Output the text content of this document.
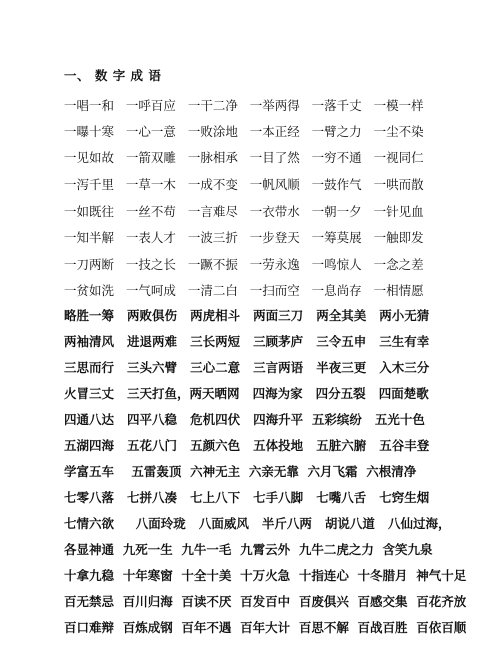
一、 数 字 成 语
一唱一和   一呼百应   一干二净   一举两得   一落千丈   一模一样
一曝十寒   一心一意   一败涂地   一本正经   一臂之力   一尘不染
一见如故   一箭双雕   一脉相承   一目了然   一穷不通   一视同仁
一泻千里   一草一木   一成不变   一帆风顺   一鼓作气   一哄而散
一如既往   一丝不苟   一言难尽   一衣带水   一朝一夕   一针见血
一知半解   一表人才   一波三折   一步登天   一筹莫展   一触即发
一刀两断   一技之长   一蹶不振   一劳永逸   一鸣惊人   一念之差
一贫如洗   一气呵成   一清二白   一扫而空   一息尚存   一相情愿
略胜一筹   两败俱伤   两虎相斗   两面三刀   两全其美   两小无猜
两袖清风   进退两难   三长两短   三顾茅庐   三令五申   三生有幸
三思而行   三头六臂   三心二意   三言两语   半夜三更   入木三分
火冒三丈   三天打鱼，两天晒网   四海为家   四分五裂   四面楚歌
四通八达   四平八稳   危机四伏   四海升平  五彩缤纷   五光十色
五湖四海   五花八门   五颜六色   五体投地   五脏六腑   五谷丰登
学富五车    五雷轰顶  六神无主  六亲无靠  六月飞霜  六根清净
七零八落   七拼八凑   七上八下   七手八脚   七嘴八舌   七窍生烟
七情六欲     八面玲珑   八面威风   半斤八两   胡说八道   八仙过海，
各显神通  九死一生  九牛一毛  九霄云外  九牛二虎之力  含笑九泉
十拿九稳  十年寒窗  十全十美  十万火急  十指连心  十冬腊月  神气十足
百无禁忌  百川归海  百读不厌  百发百中  百废俱兴  百感交集  百花齐放
百口难辩  百炼成钢  百年不遇  百年大计  百思不解  百战百胜  百依百顺
